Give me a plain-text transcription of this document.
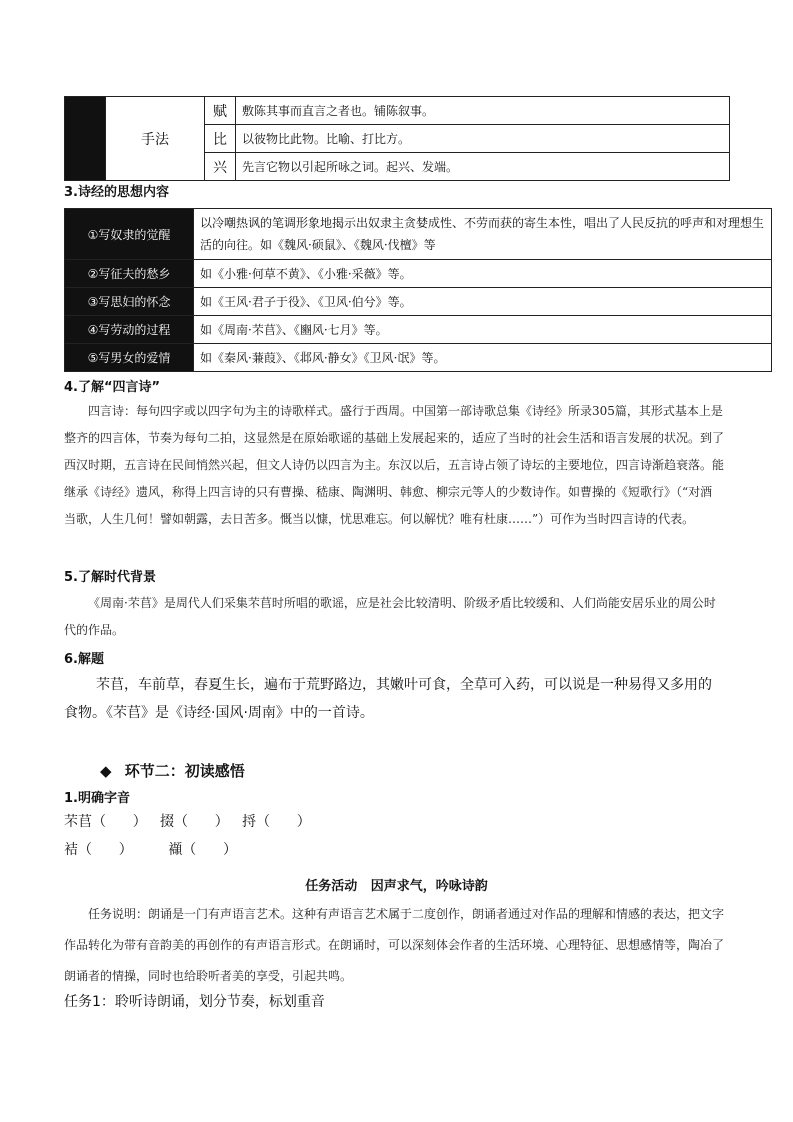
	手法	赋	敷陈其事而直言之者也。铺陈叙事。
		比	以彼物比此物。比喻、打比方。
		兴	先言它物以引起所咏之词。起兴、发端。
3.诗经的思想内容
①写奴隶的觉醒	以冷嘲热讽的笔调形象地揭示出奴隶主贪婪成性、不劳而获的寄生本性，唱出了人民反抗的呼声和对理想生活的向往。如《魏风·硕鼠》、《魏风·伐檀》等
②写征夫的愁乡	如《小雅·何草不黄》、《小雅·采薇》等。
③写思妇的怀念	如《王风·君子于役》、《卫风·伯兮》等。
④写劳动的过程	如《周南·芣苢》、《豳风·七月》等。
⑤写男女的爱情	如《秦风·蒹葭》、《邶风·静女》《卫风·氓》等。
4.了解“四言诗”
四言诗：每句四字或以四字句为主的诗歌样式。盛行于西周。中国第一部诗歌总集《诗经》所录305篇，其形式基本上是整齐的四言体，节奏为每句二拍，这显然是在原始歌谣的基础上发展起来的，适应了当时的社会生活和语言发展的状况。到了西汉时期，五言诗在民间悄然兴起，但文人诗仍以四言为主。东汉以后，五言诗占领了诗坛的主要地位，四言诗渐趋衰落。能继承《诗经》遗风，称得上四言诗的只有曹操、嵇康、陶渊明、韩愈、柳宗元等人的少数诗作。如曹操的《短歌行》（“对酒当歌，人生几何！譬如朝露，去日苦多。慨当以慷，忧思难忘。何以解忧？唯有杜康……”）可作为当时四言诗的代表。
5.了解时代背景
《周南·芣苢》是周代人们采集芣苢时所唱的歌谣，应是社会比较清明、阶级矛盾比较缓和、人们尚能安居乐业的周公时代的作品。
6.解题
芣苢，车前草，春夏生长，遍布于荒野路边，其嫩叶可食，全草可入药，可以说是一种易得又多用的食物。《芣苢》是《诗经·国风·周南》中的一首诗。
◆ 环节二：初读感悟
1.明确字音
芣苢（      ）   掇（      ）   捋（      ）
袺（      ）        襭（      ）
任务活动   因声求气，吟咏诗韵
任务说明：朗诵是一门有声语言艺术。这种有声语言艺术属于二度创作，朗诵者通过对作品的理解和情感的表达，把文字作品转化为带有音韵美的再创作的有声语言形式。在朗诵时，可以深刻体会作者的生活环境、心理特征、思想感情等，陶冶了朗诵者的情操，同时也给聆听者美的享受，引起共鸣。
任务1：聆听诗朗诵，划分节奏，标划重音
